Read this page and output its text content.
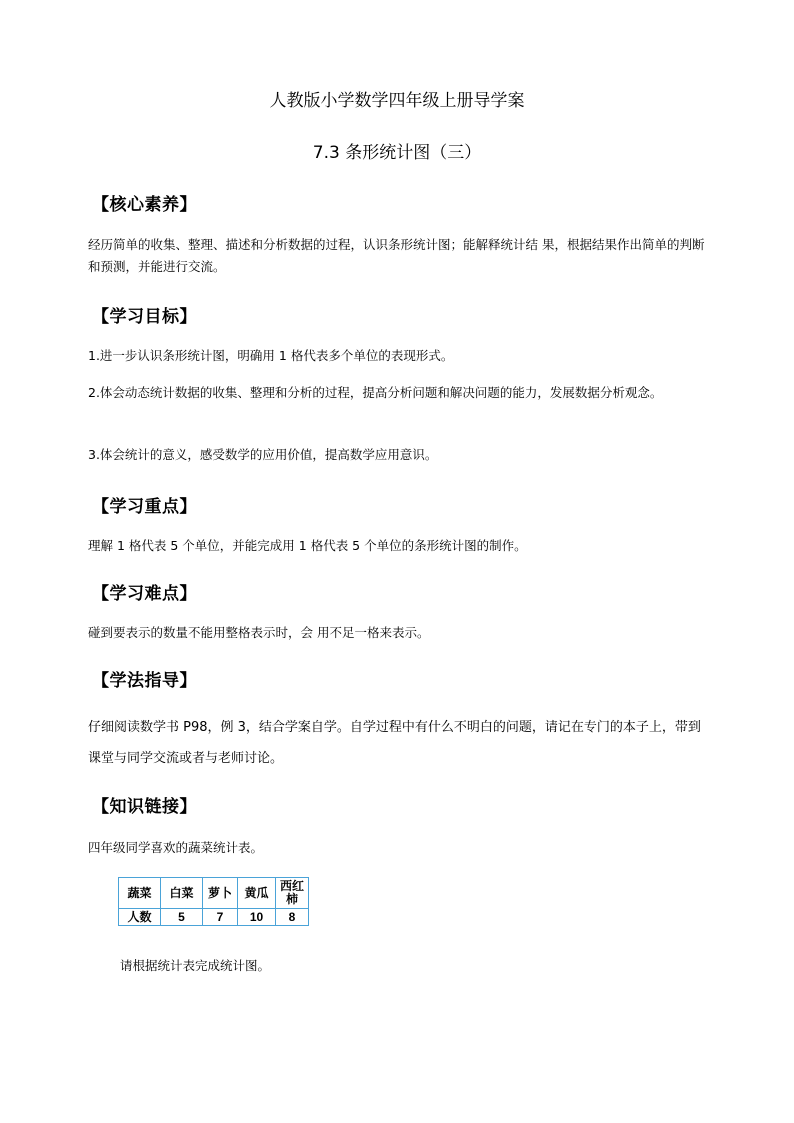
人教版小学数学四年级上册导学案
7.3 条形统计图（三）
【核心素养】
经历简单的收集、整理、描述和分析数据的过程，认识条形统计图；能解释统计结 果，根据结果作出简单的判断和预测，并能进行交流。
【学习目标】
1.进一步认识条形统计图，明确用 1 格代表多个单位的表现形式。
2.体会动态统计数据的收集、整理和分析的过程，提高分析问题和解决问题的能力，发展数据分析观念。
3.体会统计的意义，感受数学的应用价值，提高数学应用意识。
【学习重点】
理解 1 格代表 5 个单位，并能完成用 1 格代表 5 个单位的条形统计图的制作。
【学习难点】
碰到要表示的数量不能用整格表示时，会 用不足一格来表示。
【学法指导】
仔细阅读数学书 P98，例 3，结合学案自学。自学过程中有什么不明白的问题，请记在专门的本子上，带到课堂与同学交流或者与老师讨论。
【知识链接】
四年级同学喜欢的蔬菜统计表。
蔬菜	白菜	萝卜	黄瓜	西红柿
人数	5	7	10	8
请根据统计表完成统计图。
